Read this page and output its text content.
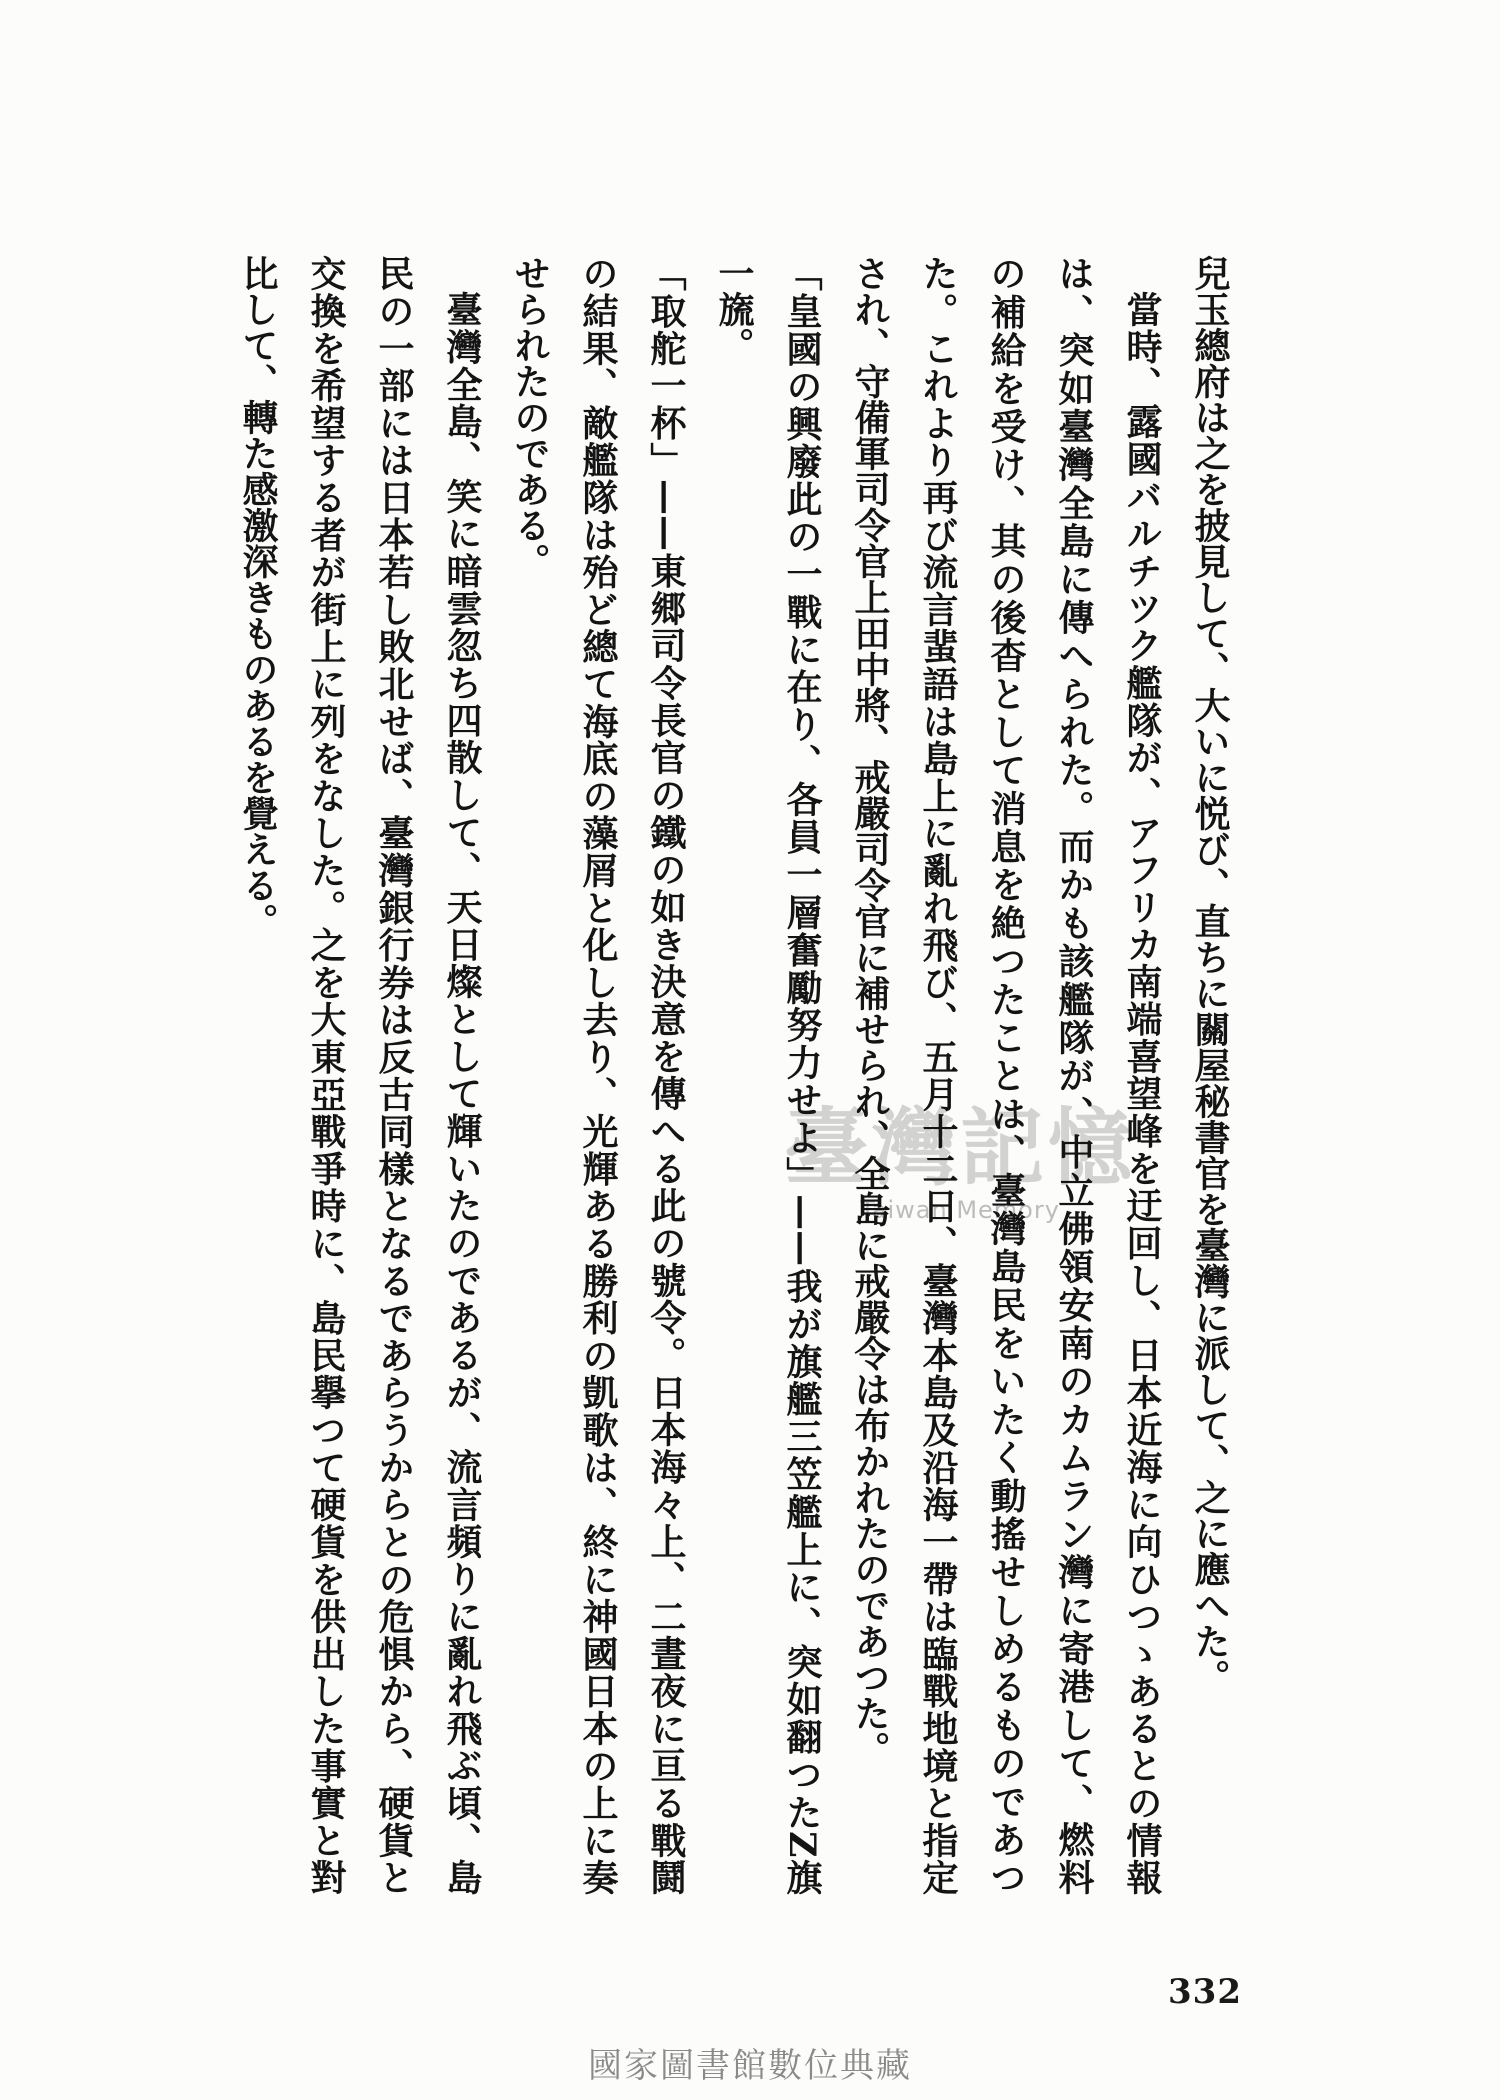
臺灣記憶
Taiwan Memory	兒玉總府は之を披見して、大いに悦び、直ちに關屋秘書官を臺灣に派して、之に應へた。

當時、露國バルチツク艦隊が、アフリカ南端喜望峰を迂回し、日本近海に向ひつゝあるとの情報

は、突如臺灣全島に傳へられた。而かも該艦隊が、中立佛領安南のカムラン灣に寄港して、燃料

の補給を受け、其の後杳として消息を絶つたことは、臺灣島民をいたく動搖せしめるものであつ

た。これより再び流言蜚語は島上に亂れ飛び、五月十二日、臺灣本島及沿海一帶は臨戰地境と指定

され、守備軍司令官上田中將、戒嚴司令官に補せられ、全島に戒嚴令は布かれたのであつた。

「皇國の興廢此の一戰に在り、各員一層奮勵努力せよ」——我が旗艦三笠艦上に、突如翻つたZ旗

一旒。

「取舵一杯」——東郷司令長官の鐵の如き決意を傳へる此の號令。日本海々上、二晝夜に亘る戰鬪

の結果、敵艦隊は殆ど總て海底の藻屑と化し去り、光輝ある勝利の凱歌は、終に神國日本の上に奏

せられたのである。

臺灣全島、笑に暗雲忽ち四散して、天日燦として輝いたのであるが、流言頻りに亂れ飛ぶ頃、島

民の一部には日本若し敗北せば、臺灣銀行券は反古同樣となるであらうからとの危惧から、硬貨と

交換を希望する者が街上に列をなした。之を大東亞戰爭時に、島民擧つて硬貨を供出した事實と對

比して、轉た感激深きものあるを覺える。

332
國家圖書館數位典藏
